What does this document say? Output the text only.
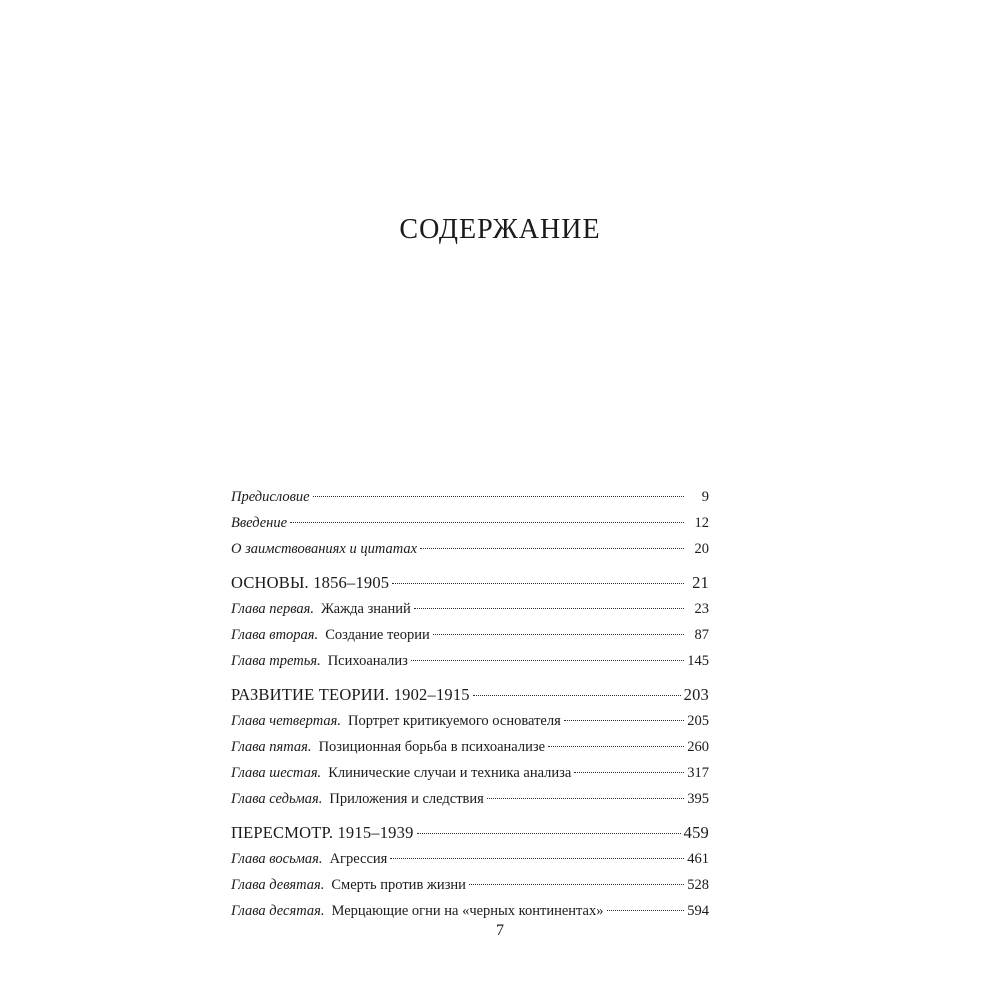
СОДЕРЖАНИЕ
Предисловие	9
Введение	12
О заимствованиях и цитатах	20
ОСНОВЫ. 1856–1905	21
Глава первая. Жажда знаний	23
Глава вторая. Создание теории	87
Глава третья. Психоанализ	145
РАЗВИТИЕ ТЕОРИИ. 1902–1915	203
Глава четвертая. Портрет критикуемого основателя	205
Глава пятая. Позиционная борьба в психоанализе	260
Глава шестая. Клинические случаи и техника анализа	317
Глава седьмая. Приложения и следствия	395
ПЕРЕСМОТР. 1915–1939	459
Глава восьмая. Агрессия	461
Глава девятая. Смерть против жизни	528
Глава десятая. Мерцающие огни на «черных континентах»	594
7
